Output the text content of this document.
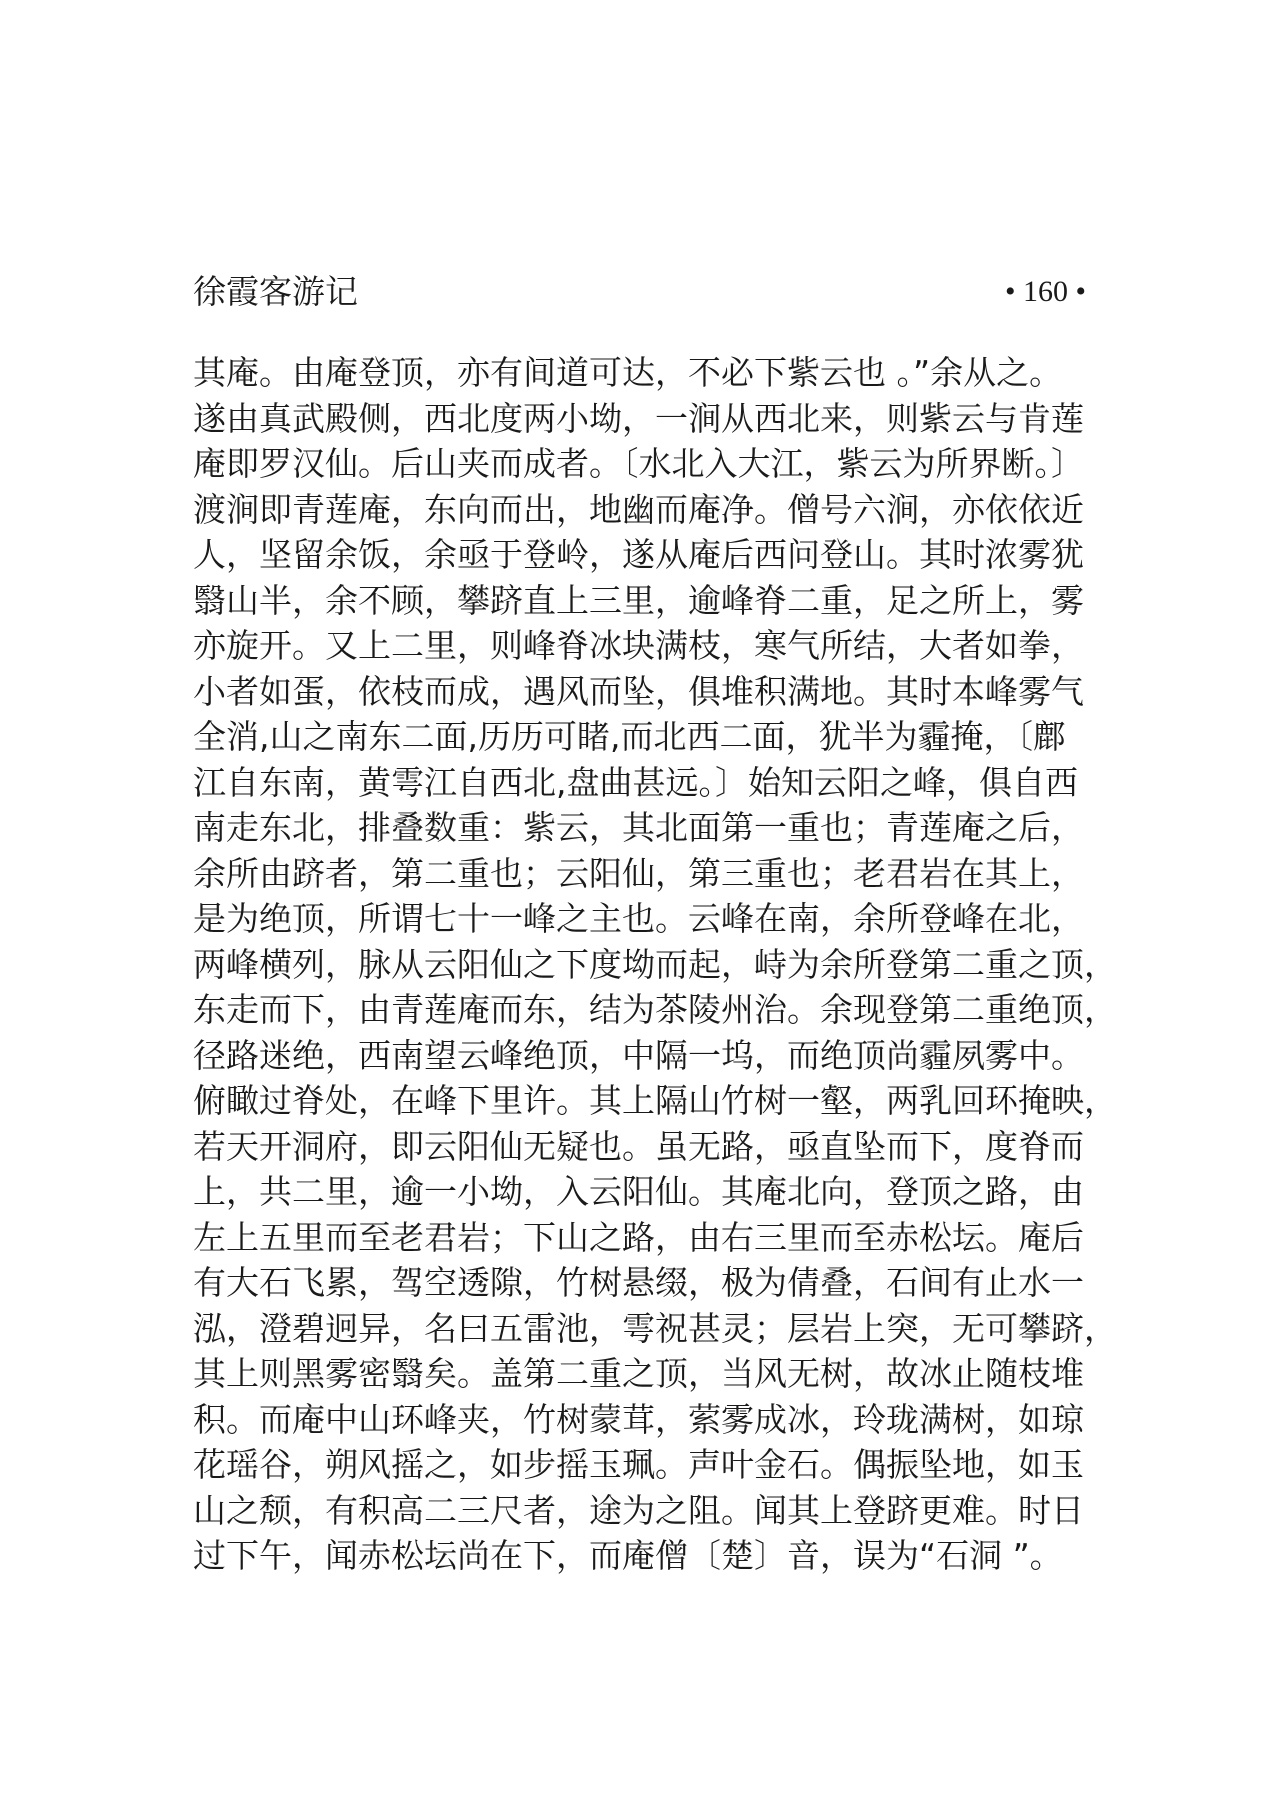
徐霞客游记	• 160 •
其庵。由庵登顶，亦有间道可达，不必下紫云也 。”余从之。
遂由真武殿侧，西北度两小坳，一涧从西北来，则紫云与肯莲
庵即罗汉仙。后山夹而成者。〔水北入大江，紫云为所界断。〕
渡涧即青莲庵，东向而出，地幽而庵净。僧号六涧，亦依依近
人，坚留余饭，余亟于登岭，遂从庵后西问登山。其时浓雾犹
翳山半，余不顾，攀跻直上三里，逾峰脊二重，足之所上，雾
亦旋开。又上二里，则峰脊冰块满枝，寒气所结，大者如拳，
小者如蛋，依枝而成，遇风而坠，俱堆积满地。其时本峰雾气
全消,山之南东二面,历历可睹,而北西二面，犹半为霾掩，〔鄜
江自东南，黄雩江自西北,盘曲甚远。〕始知云阳之峰，俱自西
南走东北，排叠数重：紫云，其北面第一重也；青莲庵之后，
余所由跻者，第二重也；云阳仙，第三重也；老君岩在其上，
是为绝顶，所谓七十一峰之主也。云峰在南，余所登峰在北，
两峰横列，脉从云阳仙之下度坳而起，峙为余所登第二重之顶，
东走而下，由青莲庵而东，结为茶陵州治。余现登第二重绝顶，
径路迷绝，西南望云峰绝顶，中隔一坞，而绝顶尚霾夙雾中。
俯瞰过脊处，在峰下里许。其上隔山竹树一壑，两乳回环掩映，
若天开洞府，即云阳仙无疑也。虽无路，亟直坠而下，度脊而
上，共二里，逾一小坳，入云阳仙。其庵北向，登顶之路，由
左上五里而至老君岩；下山之路，由右三里而至赤松坛。庵后
有大石飞累，驾空透隙，竹树悬缀，极为倩叠，石间有止水一
泓，澄碧迥异，名曰五雷池，雩祝甚灵；层岩上突，无可攀跻，
其上则黑雾密翳矣。盖第二重之顶，当风无树，故冰止随枝堆
积。而庵中山环峰夹，竹树蒙茸，萦雾成冰，玲珑满树，如琼
花瑶谷，朔风摇之，如步摇玉珮。声叶金石。偶振坠地，如玉
山之颓，有积高二三尺者，途为之阻。闻其上登跻更难。时日
过下午，闻赤松坛尚在下，而庵僧〔楚〕音，误为“石洞 ”。
